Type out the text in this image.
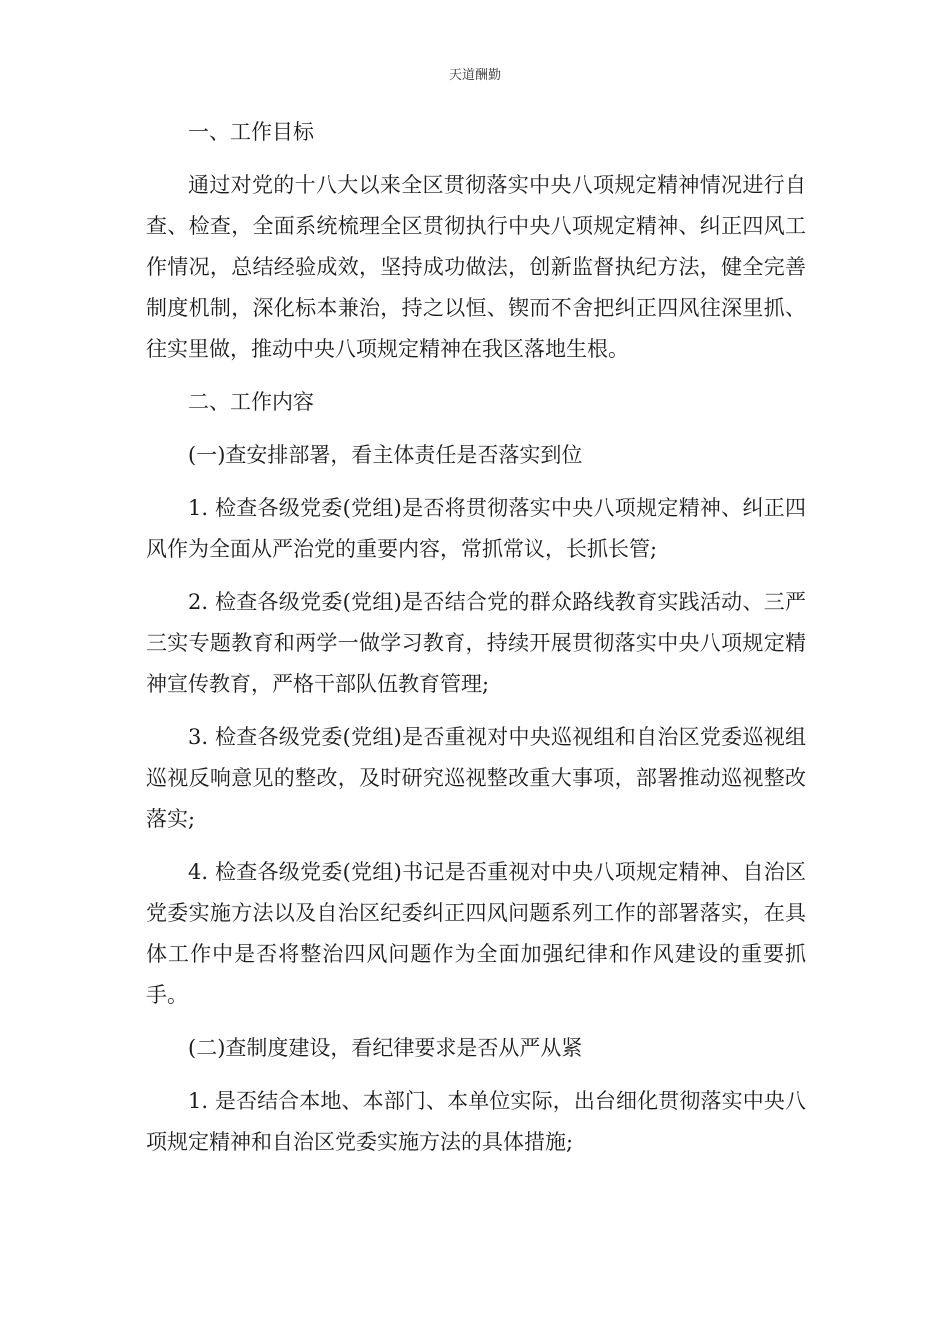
天道酬勤

一、工作目标

通过对党的十八大以来全区贯彻落实中央八项规定精神情况进行自查、检查，全面系统梳理全区贯彻执行中央八项规定精神、纠正四风工作情况，总结经验成效，坚持成功做法，创新监督执纪方法，健全完善制度机制，深化标本兼治，持之以恒、锲而不舍把纠正四风往深里抓、往实里做，推动中央八项规定精神在我区落地生根。

二、工作内容

(一)查安排部署，看主体责任是否落实到位

1. 检查各级党委(党组)是否将贯彻落实中央八项规定精神、纠正四风作为全面从严治党的重要内容，常抓常议，长抓长管;

2. 检查各级党委(党组)是否结合党的群众路线教育实践活动、三严三实专题教育和两学一做学习教育，持续开展贯彻落实中央八项规定精神宣传教育，严格干部队伍教育管理;

3. 检查各级党委(党组)是否重视对中央巡视组和自治区党委巡视组巡视反响意见的整改，及时研究巡视整改重大事项，部署推动巡视整改落实;

4. 检查各级党委(党组)书记是否重视对中央八项规定精神、自治区党委实施方法以及自治区纪委纠正四风问题系列工作的部署落实，在具体工作中是否将整治四风问题作为全面加强纪律和作风建设的重要抓手。

(二)查制度建设，看纪律要求是否从严从紧

1. 是否结合本地、本部门、本单位实际，出台细化贯彻落实中央八项规定精神和自治区党委实施方法的具体措施;
